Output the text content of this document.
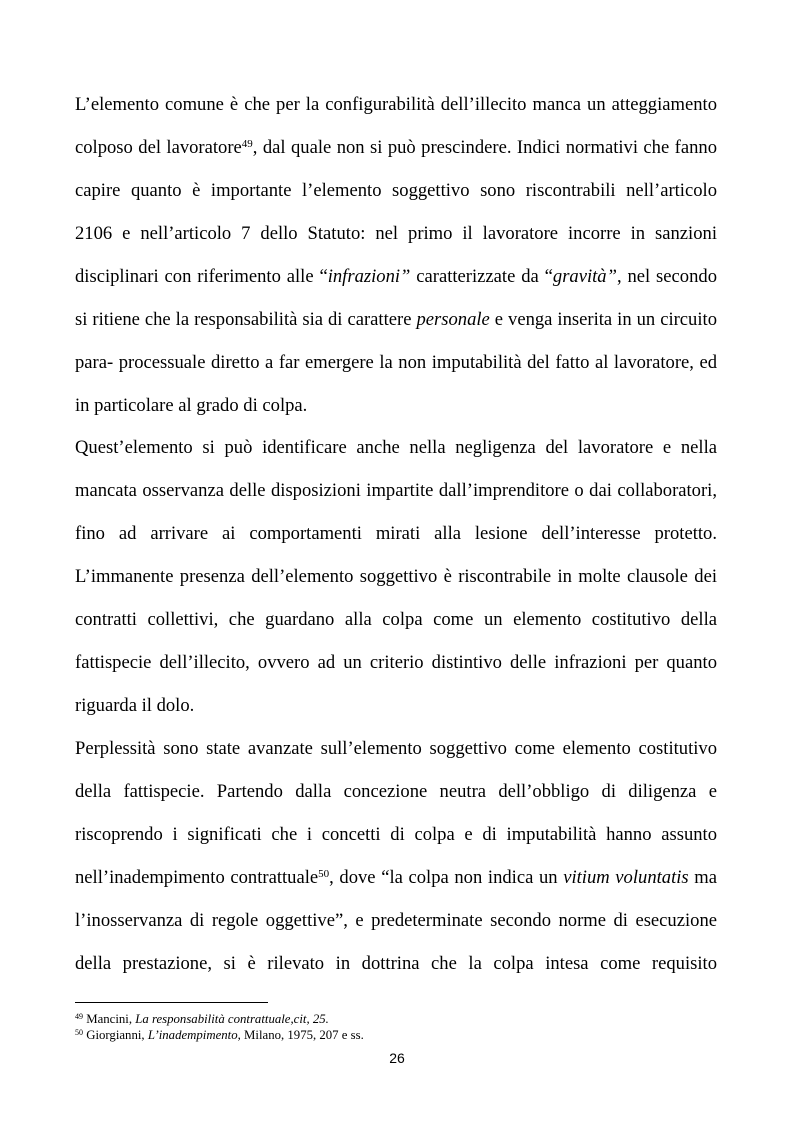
L’elemento comune è che per la configurabilità dell’illecito manca un atteggiamento
colposo del lavoratore$^{49}$, dal quale non si può prescindere. Indici normativi che fanno
capire quanto è importante l’elemento soggettivo sono riscontrabili nell’articolo
2106 e nell’articolo 7 dello Statuto: nel primo il lavoratore incorre in sanzioni
disciplinari con riferimento alle “infrazioni” caratterizzate da “gravità”, nel secondo
si ritiene che la responsabilità sia di carattere personale e venga inserita in un circuito
para- processuale diretto a far emergere la non imputabilità del fatto al lavoratore, ed
in particolare al grado di colpa.
Quest’elemento si può identificare anche nella negligenza del lavoratore e nella
mancata osservanza delle disposizioni impartite dall’imprenditore o dai collaboratori,
fino ad arrivare ai comportamenti mirati alla lesione dell’interesse protetto.
L’immanente presenza dell’elemento soggettivo è riscontrabile in molte clausole dei
contratti collettivi, che guardano alla colpa come un elemento costitutivo della
fattispecie dell’illecito, ovvero ad un criterio distintivo delle infrazioni per quanto
riguarda il dolo.
Perplessità sono state avanzate sull’elemento soggettivo come elemento costitutivo
della fattispecie. Partendo dalla concezione neutra dell’obbligo di diligenza e
riscoprendo i significati che i concetti di colpa e di imputabilità hanno assunto
nell’inadempimento contrattuale$^{50}$, dove “la colpa non indica un vitium voluntatis ma
l’inosservanza di regole oggettive”, e predeterminate secondo norme di esecuzione
della prestazione, si è rilevato in dottrina che la colpa intesa come requisito
$^{49}$ Mancini, La responsabilità contrattuale,cit, 25.
$^{50}$ Giorgianni, L’inadempimento, Milano, 1975, 207 e ss.
26
